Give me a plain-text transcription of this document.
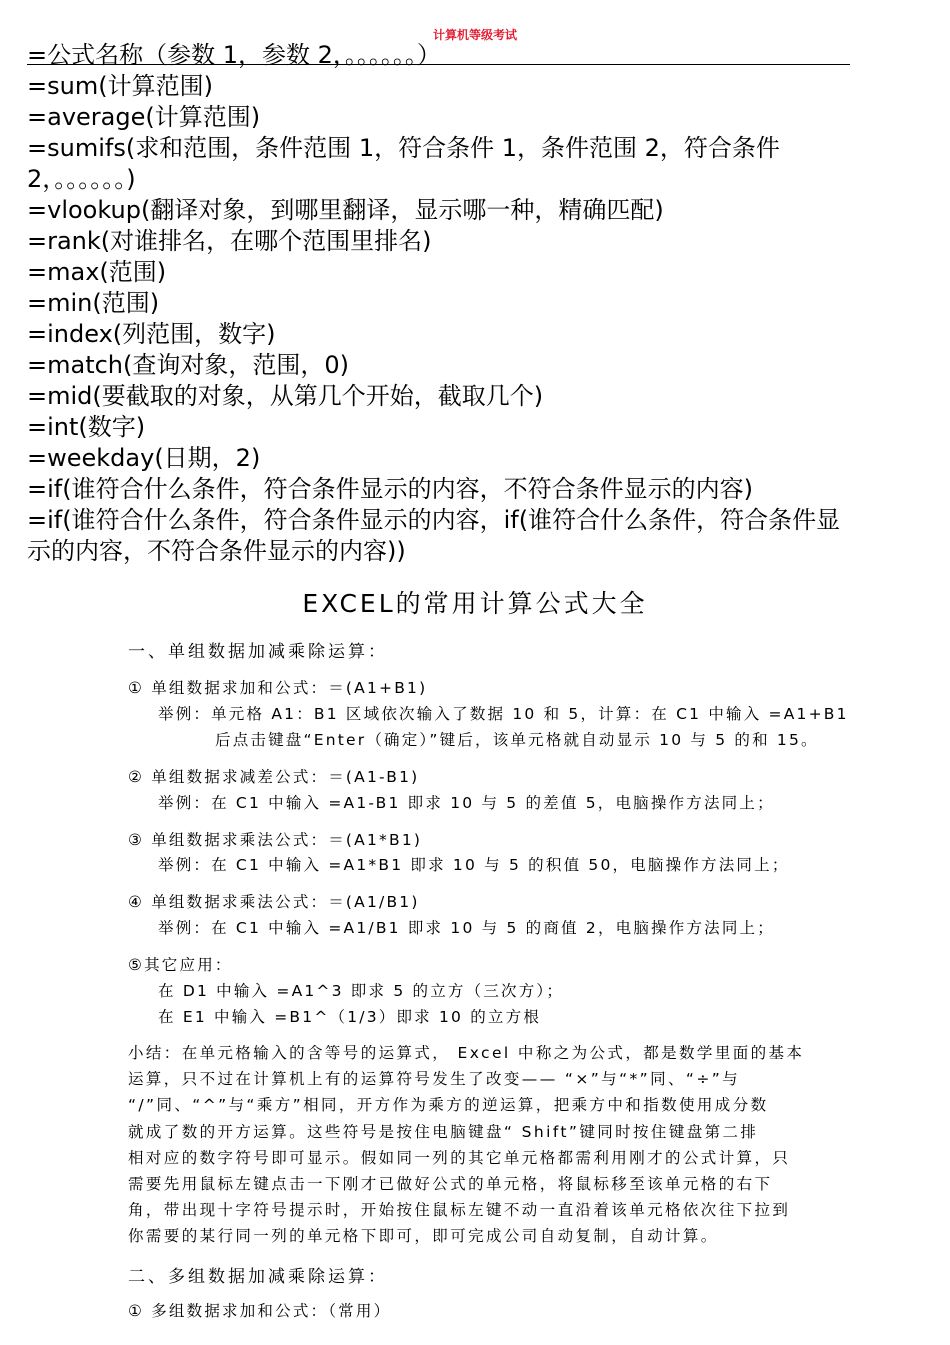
计算机等级考试
=公式名称（参数 1，参数 2，。。。。。。）
=sum(计算范围)
=average(计算范围)
=sumifs(求和范围，条件范围 1，符合条件 1，条件范围 2，符合条件
2，。。。。。。)
=vlookup(翻译对象，到哪里翻译，显示哪一种，精确匹配)
=rank(对谁排名，在哪个范围里排名)
=max(范围)
=min(范围)
=index(列范围，数字)
=match(查询对象，范围，0)
=mid(要截取的对象，从第几个开始，截取几个)
=int(数字)
=weekday(日期，2)
=if(谁符合什么条件，符合条件显示的内容，不符合条件显示的内容)
=if(谁符合什么条件，符合条件显示的内容，if(谁符合什么条件，符合条件显
示的内容，不符合条件显示的内容))
EXCEL的常用计算公式大全
一、单组数据加减乘除运算：
① 单组数据求加和公式：＝(A1+B1)
举例：单元格 A1：B1 区域依次输入了数据 10 和 5，计算：在 C1 中输入 =A1+B1
后点击键盘“Enter（确定）”键后，该单元格就自动显示 10 与 5 的和 15。
② 单组数据求减差公式：＝(A1-B1)
举例：在 C1 中输入 =A1-B1 即求 10 与 5 的差值 5，电脑操作方法同上；
③ 单组数据求乘法公式：＝(A1*B1)
举例：在 C1 中输入 =A1*B1 即求 10 与 5 的积值 50，电脑操作方法同上；
④ 单组数据求乘法公式：＝(A1/B1)
举例：在 C1 中输入 =A1/B1 即求 10 与 5 的商值 2，电脑操作方法同上；
⑤其它应用：
在 D1 中输入 =A1^3 即求 5 的立方（三次方）；
在 E1 中输入 =B1^（1/3）即求 10 的立方根
小结：在单元格输入的含等号的运算式， Excel 中称之为公式，都是数学里面的基本
运算，只不过在计算机上有的运算符号发生了改变—— “×”与“*”同、“÷”与
“/”同、“^”与“乘方”相同，开方作为乘方的逆运算，把乘方中和指数使用成分数
就成了数的开方运算。这些符号是按住电脑键盘“ Shift”键同时按住键盘第二排
相对应的数字符号即可显示。假如同一列的其它单元格都需利用刚才的公式计算，只
需要先用鼠标左键点击一下刚才已做好公式的单元格，将鼠标移至该单元格的右下
角，带出现十字符号提示时，开始按住鼠标左键不动一直沿着该单元格依次往下拉到
你需要的某行同一列的单元格下即可，即可完成公司自动复制，自动计算。
二、多组数据加减乘除运算：
① 多组数据求加和公式：（常用）
